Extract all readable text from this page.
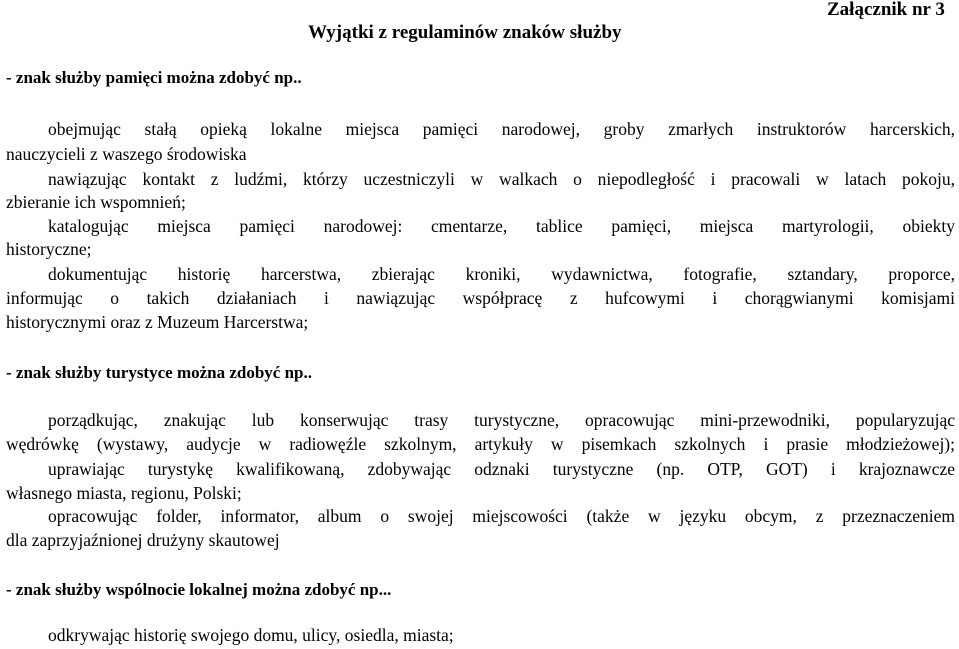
Załącznik nr 3
Wyjątki z regulaminów znaków służby
- znak służby pamięci można zdobyć np..
obejmując stałą opieką lokalne miejsca pamięci narodowej, groby zmarłych instruktorów harcerskich,
nauczycieli z waszego środowiska
nawiązując kontakt z ludźmi, którzy uczestniczyli w walkach o niepodległość i pracowali w latach pokoju,
zbieranie ich wspomnień;
katalogując miejsca pamięci narodowej: cmentarze, tablice pamięci, miejsca martyrologii, obiekty
historyczne;
dokumentując historię harcerstwa, zbierając kroniki, wydawnictwa, fotografie, sztandary, proporce,
informując o takich działaniach i nawiązując współpracę z hufcowymi i chorągwianymi komisjami
historycznymi oraz z Muzeum Harcerstwa;
- znak służby turystyce można zdobyć np..
porządkując, znakując lub konserwując trasy turystyczne, opracowując mini-przewodniki, popularyzując
wędrówkę (wystawy, audycje w radiowęźle szkolnym, artykuły w pisemkach szkolnych i prasie młodzieżowej);
uprawiając turystykę kwalifikowaną, zdobywając odznaki turystyczne (np. OTP, GOT) i krajoznawcze
własnego miasta, regionu, Polski;
opracowując folder, informator, album o swojej miejscowości (także w języku obcym, z przeznaczeniem
dla zaprzyjaźnionej drużyny skautowej
- znak służby wspólnocie lokalnej można zdobyć np...
odkrywając historię swojego domu, ulicy, osiedla, miasta;
